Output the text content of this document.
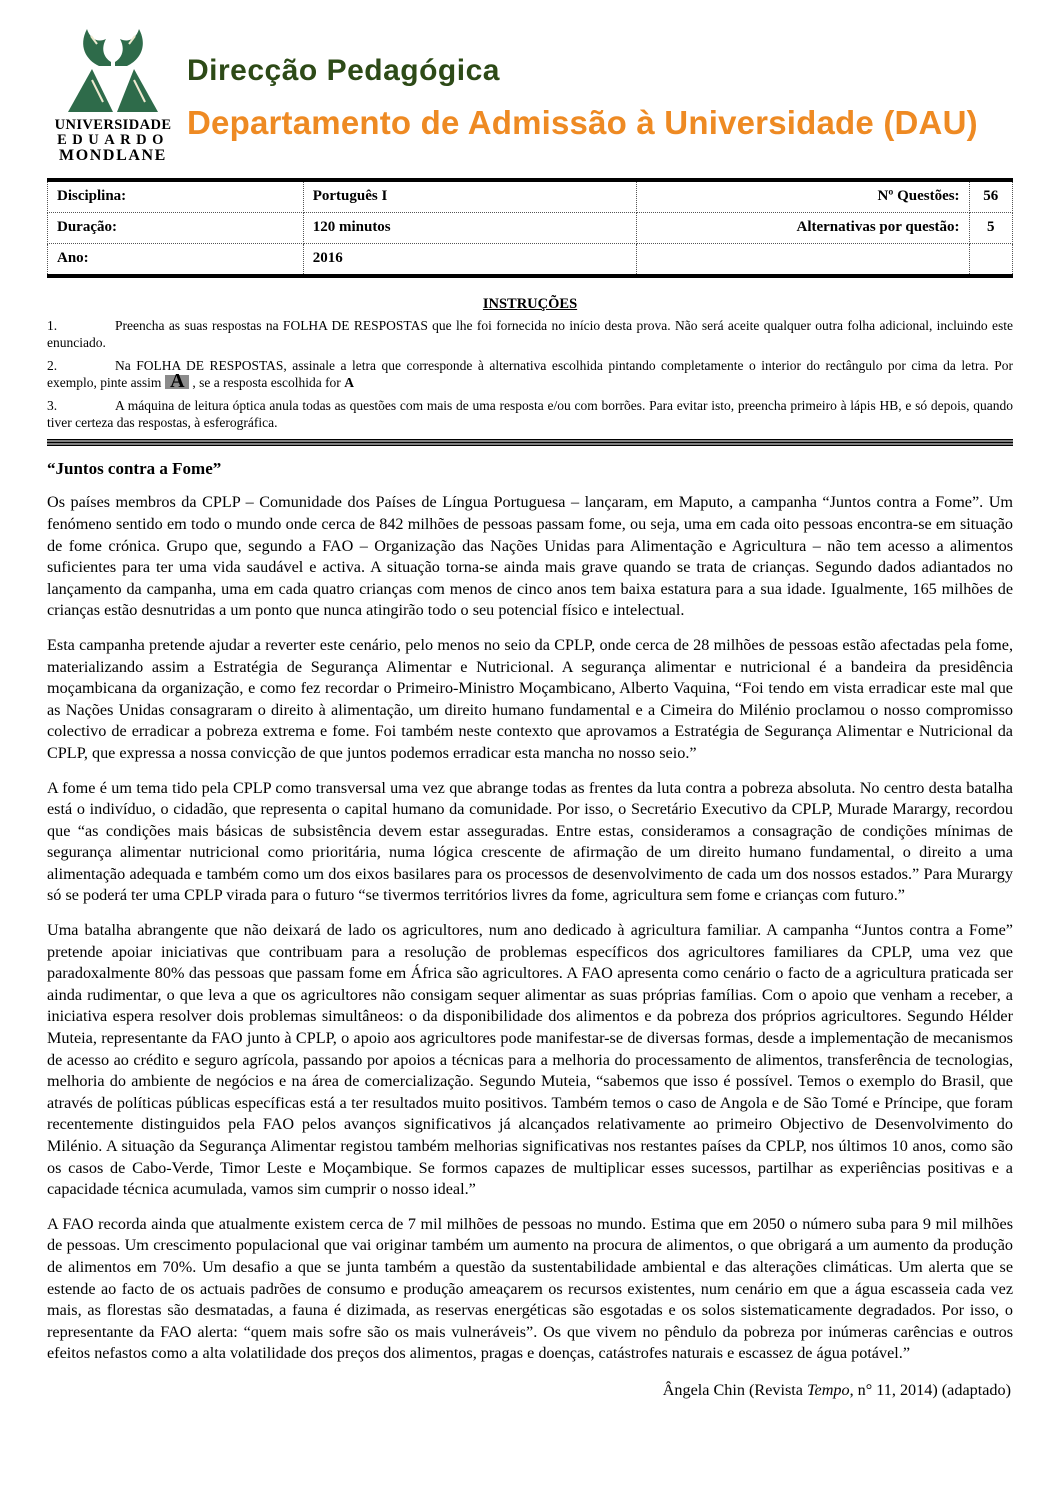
UNIVERSIDADE
EDUARDO
MONDLANE
Direcção Pedagógica
Departamento de Admissão à Universidade (DAU)
Disciplina:	Português I	Nº Questões:	56
Duração:	120 minutos	Alternativas por questão:	5
Ano:	2016		
INSTRUÇÕES

1.	Preencha as suas respostas na FOLHA DE RESPOSTAS que lhe foi fornecida no início desta prova. Não será aceite qualquer outra folha adicional, incluindo este enunciado.

2.	Na FOLHA DE RESPOSTAS, assinale a letra que corresponde à alternativa escolhida pintando completamente o interior do rectângulo por cima da letra. Por exemplo, pinte assim A , se a resposta escolhida for A

3.	A máquina de leitura óptica anula todas as questões com mais de uma resposta e/ou com borrões. Para evitar isto, preencha primeiro à lápis HB, e só depois, quando tiver certeza das respostas, à esferográfica.

“Juntos contra a Fome”

Os países membros da CPLP – Comunidade dos Países de Língua Portuguesa – lançaram, em Maputo, a campanha “Juntos contra a Fome”. Um fenómeno sentido em todo o mundo onde cerca de 842 milhões de pessoas passam fome, ou seja, uma em cada oito pessoas encontra-se em situação de fome crónica. Grupo que, segundo a FAO – Organização das Nações Unidas para Alimentação e Agricultura – não tem acesso a alimentos suficientes para ter uma vida saudável e activa. A situação torna-se ainda mais grave quando se trata de crianças. Segundo dados adiantados no lançamento da campanha, uma em cada quatro crianças com menos de cinco anos tem baixa estatura para a sua idade. Igualmente, 165 milhões de crianças estão desnutridas a um ponto que nunca atingirão todo o seu potencial físico e intelectual.

Esta campanha pretende ajudar a reverter este cenário, pelo menos no seio da CPLP, onde cerca de 28 milhões de pessoas estão afectadas pela fome, materializando assim a Estratégia de Segurança Alimentar e Nutricional. A segurança alimentar e nutricional é a bandeira da presidência moçambicana da organização, e como fez recordar o Primeiro-Ministro Moçambicano, Alberto Vaquina, “Foi tendo em vista erradicar este mal que as Nações Unidas consagraram o direito à alimentação, um direito humano fundamental e a Cimeira do Milénio proclamou o nosso compromisso colectivo de erradicar a pobreza extrema e fome. Foi também neste contexto que aprovamos a Estratégia de Segurança Alimentar e Nutricional da CPLP, que expressa a nossa convicção de que juntos podemos erradicar esta mancha no nosso seio.”

A fome é um tema tido pela CPLP como transversal uma vez que abrange todas as frentes da luta contra a pobreza absoluta. No centro desta batalha está o indivíduo, o cidadão, que representa o capital humano da comunidade. Por isso, o Secretário Executivo da CPLP, Murade Marargy, recordou que “as condições mais básicas de subsistência devem estar asseguradas. Entre estas, consideramos a consagração de condições mínimas de segurança alimentar nutricional como prioritária, numa lógica crescente de afirmação de um direito humano fundamental, o direito a uma alimentação adequada e também como um dos eixos basilares para os processos de desenvolvimento de cada um dos nossos estados.” Para Murargy só se poderá ter uma CPLP virada para o futuro “se tivermos territórios livres da fome, agricultura sem fome e crianças com futuro.”

Uma batalha abrangente que não deixará de lado os agricultores, num ano dedicado à agricultura familiar. A campanha “Juntos contra a Fome” pretende apoiar iniciativas que contribuam para a resolução de problemas específicos dos agricultores familiares da CPLP, uma vez que paradoxalmente 80% das pessoas que passam fome em África são agricultores. A FAO apresenta como cenário o facto de a agricultura praticada ser ainda rudimentar, o que leva a que os agricultores não consigam sequer alimentar as suas próprias famílias. Com o apoio que venham a receber, a iniciativa espera resolver dois problemas simultâneos: o da disponibilidade dos alimentos e da pobreza dos próprios agricultores. Segundo Hélder Muteia, representante da FAO junto à CPLP, o apoio aos agricultores pode manifestar-se de diversas formas, desde a implementação de mecanismos de acesso ao crédito e seguro agrícola, passando por apoios a técnicas para a melhoria do processamento de alimentos, transferência de tecnologias, melhoria do ambiente de negócios e na área de comercialização. Segundo Muteia, “sabemos que isso é possível. Temos o exemplo do Brasil, que através de políticas públicas específicas está a ter resultados muito positivos. Também temos o caso de Angola e de São Tomé e Príncipe, que foram recentemente distinguidos pela FAO pelos avanços significativos já alcançados relativamente ao primeiro Objectivo de Desenvolvimento do Milénio. A situação da Segurança Alimentar registou também melhorias significativas nos restantes países da CPLP, nos últimos 10 anos, como são os casos de Cabo-Verde, Timor Leste e Moçambique. Se formos capazes de multiplicar esses sucessos, partilhar as experiências positivas e a capacidade técnica acumulada, vamos sim cumprir o nosso ideal.”

A FAO recorda ainda que atualmente existem cerca de 7 mil milhões de pessoas no mundo. Estima que em 2050 o número suba para 9 mil milhões de pessoas. Um crescimento populacional que vai originar também um aumento na procura de alimentos, o que obrigará a um aumento da produção de alimentos em 70%. Um desafio a que se junta também a questão da sustentabilidade ambiental e das alterações climáticas. Um alerta que se estende ao facto de os actuais padrões de consumo e produção ameaçarem os recursos existentes, num cenário em que a água escasseia cada vez mais, as florestas são desmatadas, a fauna é dizimada, as reservas energéticas são esgotadas e os solos sistematicamente degradados. Por isso, o representante da FAO alerta: “quem mais sofre são os mais vulneráveis”. Os que vivem no pêndulo da pobreza por inúmeras carências e outros efeitos nefastos como a alta volatilidade dos preços dos alimentos, pragas e doenças, catástrofes naturais e escassez de água potável.”

Ângela Chin (Revista Tempo, n° 11, 2014) (adaptado)
